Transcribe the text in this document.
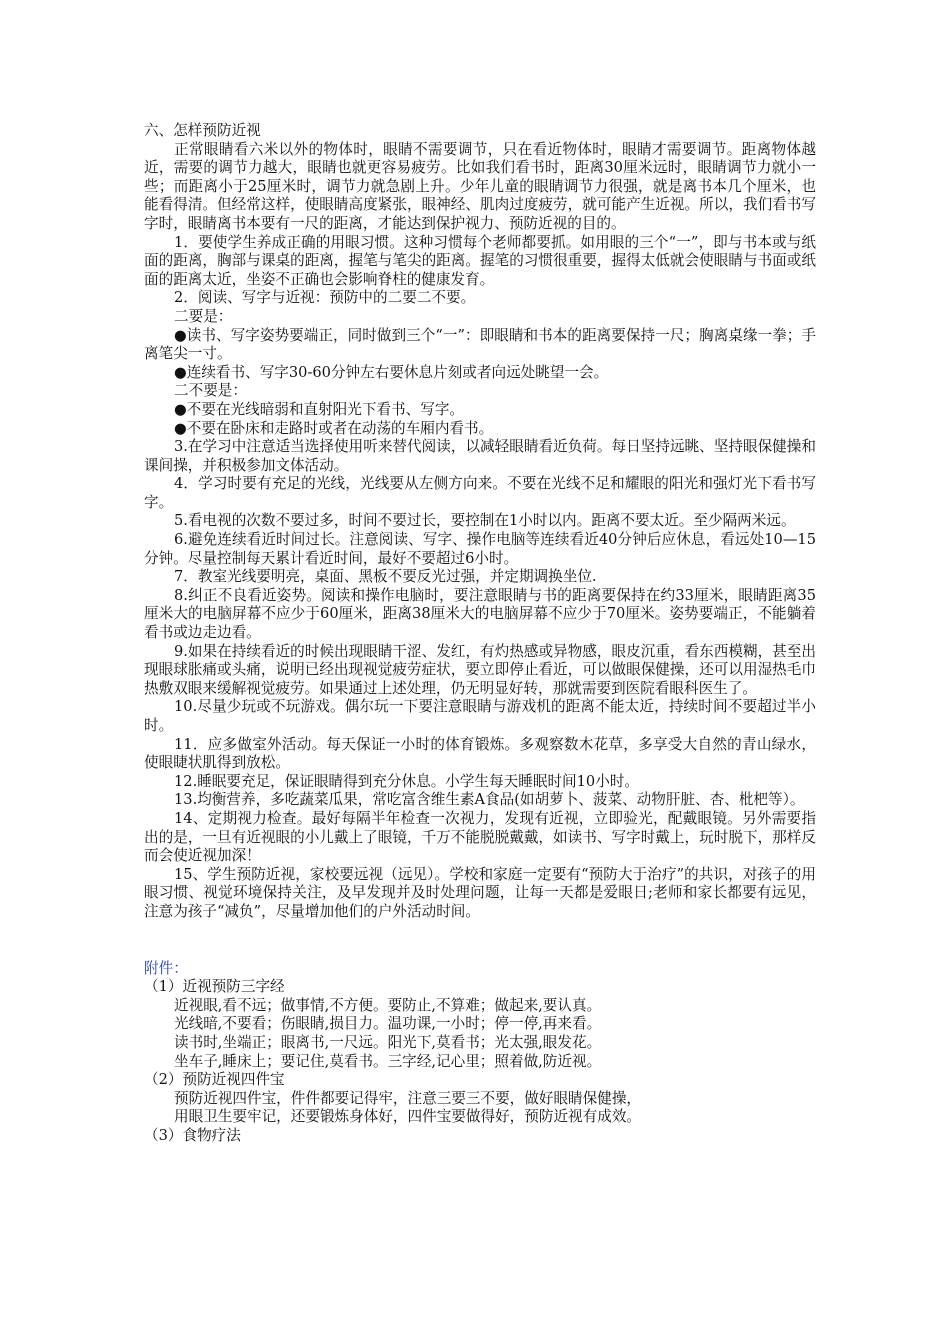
六、怎样预防近视

正常眼睛看六米以外的物体时，眼睛不需要调节，只在看近物体时，眼睛才需要调节。距离物体越近，需要的调节力越大，眼睛也就更容易疲劳。比如我们看书时，距离30厘米远时，眼睛调节力就小一些；而距离小于25厘米时，调节力就急剧上升。少年儿童的眼睛调节力很强，就是离书本几个厘米，也能看得清。但经常这样，使眼睛高度紧张，眼神经、肌肉过度疲劳，就可能产生近视。所以，我们看书写字时，眼睛离书本要有一尺的距离，才能达到保护视力、预防近视的目的。

1．要使学生养成正确的用眼习惯。这种习惯每个老师都要抓。如用眼的三个“一”，即与书本或与纸面的距离，胸部与课桌的距离，握笔与笔尖的距离。握笔的习惯很重要，握得太低就会使眼睛与书面或纸面的距离太近，坐姿不正确也会影响脊柱的健康发育。

2．阅读、写字与近视：预防中的二要二不要。

二要是：

●读书、写字姿势要端正，同时做到三个“一”：即眼睛和书本的距离要保持一尺；胸离桌缘一拳；手离笔尖一寸。

●连续看书、写字30-60分钟左右要休息片刻或者向远处眺望一会。

二不要是：

●不要在光线暗弱和直射阳光下看书、写字。

●不要在卧床和走路时或者在动荡的车厢内看书。

3.在学习中注意适当选择使用听来替代阅读，以减轻眼睛看近负荷。每日坚持远眺、坚持眼保健操和课间操，并积极参加文体活动。

4．学习时要有充足的光线，光线要从左侧方向来。不要在光线不足和耀眼的阳光和强灯光下看书写字。

5.看电视的次数不要过多，时间不要过长，要控制在1小时以内。距离不要太近。至少隔两米远。

6.避免连续看近时间过长。注意阅读、写字、操作电脑等连续看近40分钟后应休息，看远处10—15分钟。尽量控制每天累计看近时间，最好不要超过6小时。

7．教室光线要明亮，桌面、黑板不要反光过强，并定期调换坐位.

8.纠正不良看近姿势。阅读和操作电脑时，要注意眼睛与书的距离要保持在约33厘米，眼睛距离35厘米大的电脑屏幕不应少于60厘米，距离38厘米大的电脑屏幕不应少于70厘米。姿势要端正，不能躺着看书或边走边看。

9.如果在持续看近的时候出现眼睛干涩、发红，有灼热感或异物感，眼皮沉重，看东西模糊，甚至出现眼球胀痛或头痛，说明已经出现视觉疲劳症状，要立即停止看近，可以做眼保健操，还可以用湿热毛巾热敷双眼来缓解视觉疲劳。如果通过上述处理，仍无明显好转，那就需要到医院看眼科医生了。

10.尽量少玩或不玩游戏。偶尔玩一下要注意眼睛与游戏机的距离不能太近，持续时间不要超过半小时。

11．应多做室外活动。每天保证一小时的体育锻炼。多观察数木花草，多享受大自然的青山绿水，使眼睫状肌得到放松。

12.睡眠要充足，保证眼睛得到充分休息。小学生每天睡眠时间10小时。

13.均衡营养，多吃蔬菜瓜果，常吃富含维生素A食品(如胡萝卜、菠菜、动物肝脏、杏、枇杷等）。

14、定期视力检查。最好每隔半年检查一次视力，发现有近视，立即验光，配戴眼镜。另外需要指出的是，一旦有近视眼的小儿戴上了眼镜，千万不能脱脱戴戴，如读书、写字时戴上，玩时脱下，那样反而会使近视加深！

15、学生预防近视，家校要远视（远见）。学校和家庭一定要有“预防大于治疗”的共识，对孩子的用眼习惯、视觉环境保持关注，及早发现并及时处理问题，让每一天都是爱眼日;老师和家长都要有远见，注意为孩子“减负”，尽量增加他们的户外活动时间。

附件：

（1）近视预防三字经

近视眼,看不远；做事情,不方便。要防止,不算难；做起来,要认真。

光线暗,不要看；伤眼睛,损目力。温功课,一小时；停一停,再来看。

读书时,坐端正；眼离书,一尺远。阳光下,莫看书；光太强,眼发花。

坐车子,睡床上；要记住,莫看书。三字经,记心里；照着做,防近视。

（2）预防近视四件宝

预防近视四件宝，件件都要记得牢，注意三要三不要，做好眼睛保健操，

用眼卫生要牢记，还要锻炼身体好，四件宝要做得好，预防近视有成效。

（3）食物疗法
